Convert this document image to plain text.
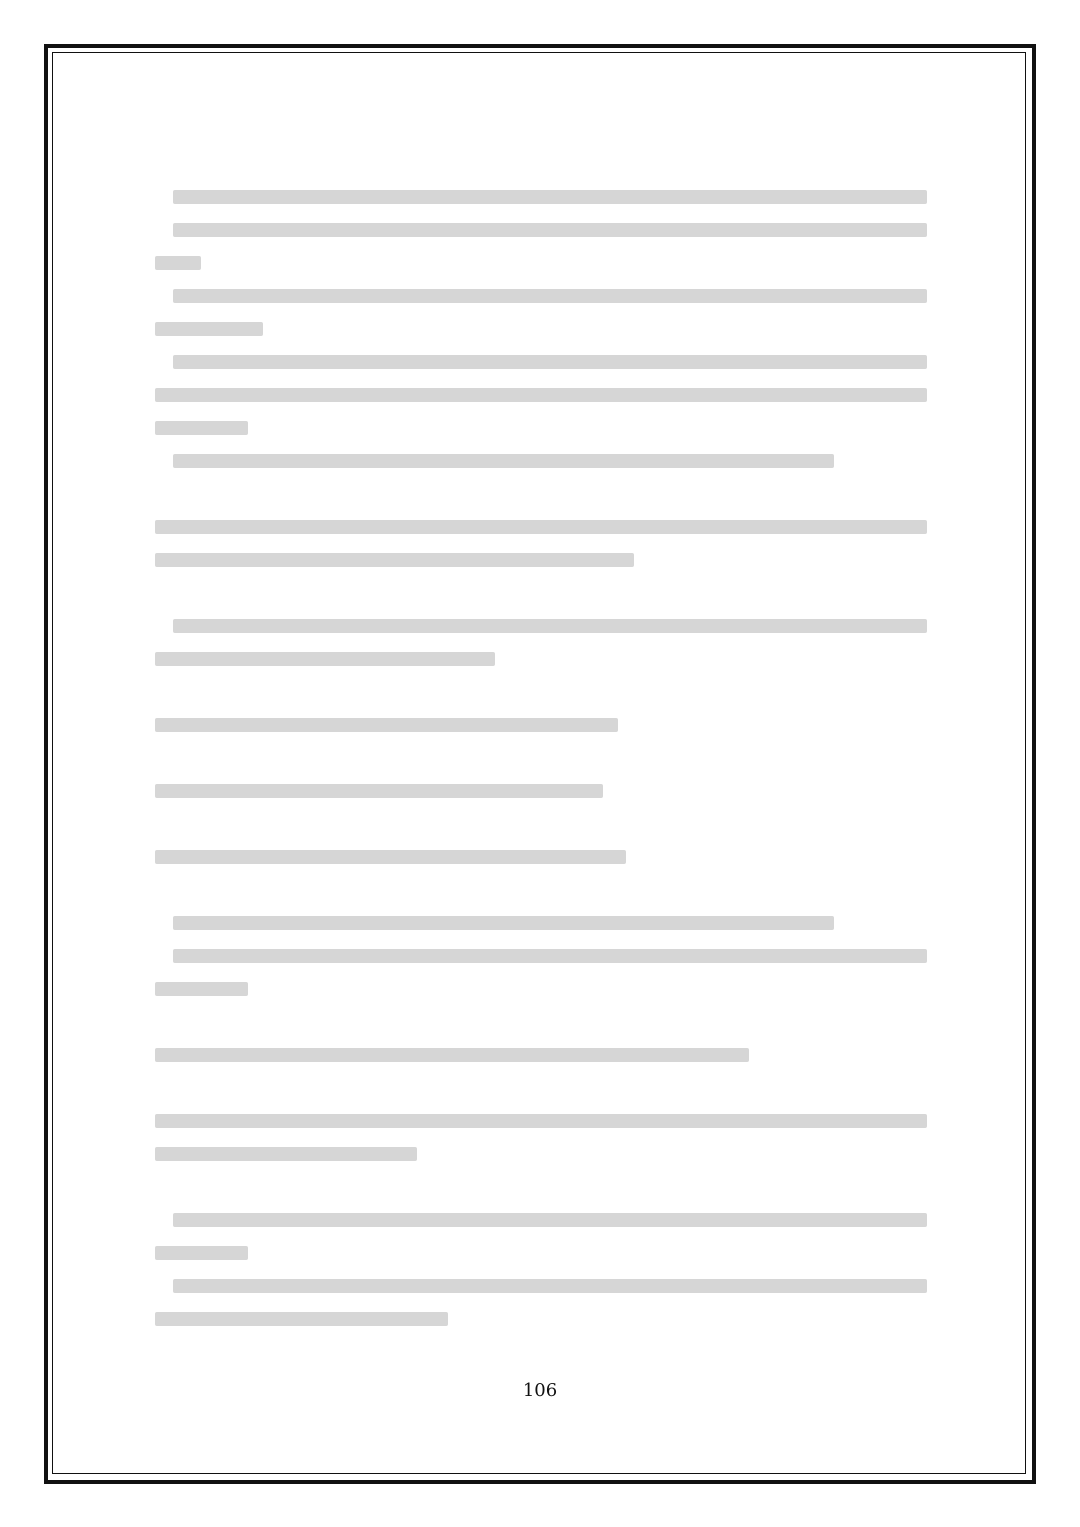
106
